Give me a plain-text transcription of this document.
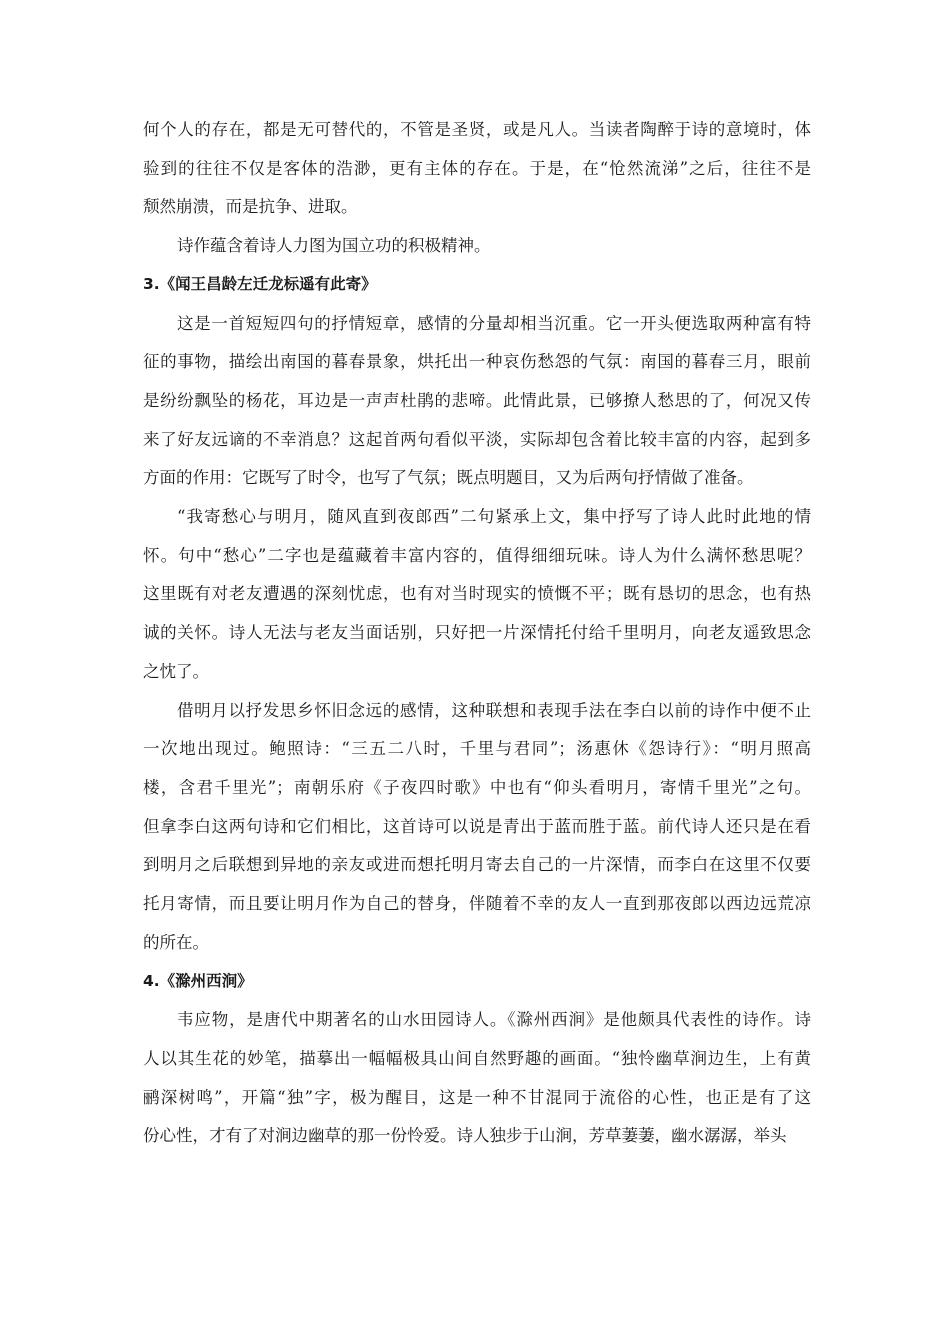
何个人的存在，都是无可替代的，不管是圣贤，或是凡人。当读者陶醉于诗的意境时，体
验到的往往不仅是客体的浩渺，更有主体的存在。于是，在“怆然流涕”之后，往往不是
颓然崩溃，而是抗争、进取。
诗作蕴含着诗人力图为国立功的积极精神。
3.《闻王昌龄左迁龙标遥有此寄》
这是一首短短四句的抒情短章，感情的分量却相当沉重。它一开头便选取两种富有特
征的事物，描绘出南国的暮春景象，烘托出一种哀伤愁怨的气氛：南国的暮春三月，眼前
是纷纷飘坠的杨花，耳边是一声声杜鹃的悲啼。此情此景，已够撩人愁思的了，何况又传
来了好友远谪的不幸消息？这起首两句看似平淡，实际却包含着比较丰富的内容，起到多
方面的作用：它既写了时令，也写了气氛；既点明题目，又为后两句抒情做了准备。
“我寄愁心与明月，随风直到夜郎西”二句紧承上文，集中抒写了诗人此时此地的情
怀。句中“愁心”二字也是蕴藏着丰富内容的，值得细细玩味。诗人为什么满怀愁思呢？
这里既有对老友遭遇的深刻忧虑，也有对当时现实的愤慨不平；既有恳切的思念，也有热
诚的关怀。诗人无法与老友当面话别，只好把一片深情托付给千里明月，向老友遥致思念
之忱了。
借明月以抒发思乡怀旧念远的感情，这种联想和表现手法在李白以前的诗作中便不止
一次地出现过。鲍照诗：“三五二八时，千里与君同”；汤惠休《怨诗行》：“明月照高
楼，含君千里光”；南朝乐府《子夜四时歌》中也有“仰头看明月，寄情千里光”之句。
但拿李白这两句诗和它们相比，这首诗可以说是青出于蓝而胜于蓝。前代诗人还只是在看
到明月之后联想到异地的亲友或进而想托明月寄去自己的一片深情，而李白在这里不仅要
托月寄情，而且要让明月作为自己的替身，伴随着不幸的友人一直到那夜郎以西边远荒凉
的所在。
4.《滁州西涧》
韦应物，是唐代中期著名的山水田园诗人。《滁州西涧》是他颇具代表性的诗作。诗
人以其生花的妙笔，描摹出一幅幅极具山间自然野趣的画面。“独怜幽草涧边生，上有黄
鹂深树鸣”，开篇“独”字，极为醒目，这是一种不甘混同于流俗的心性，也正是有了这
份心性，才有了对涧边幽草的那一份怜爱。诗人独步于山涧，芳草萋萋，幽水潺潺，举头
